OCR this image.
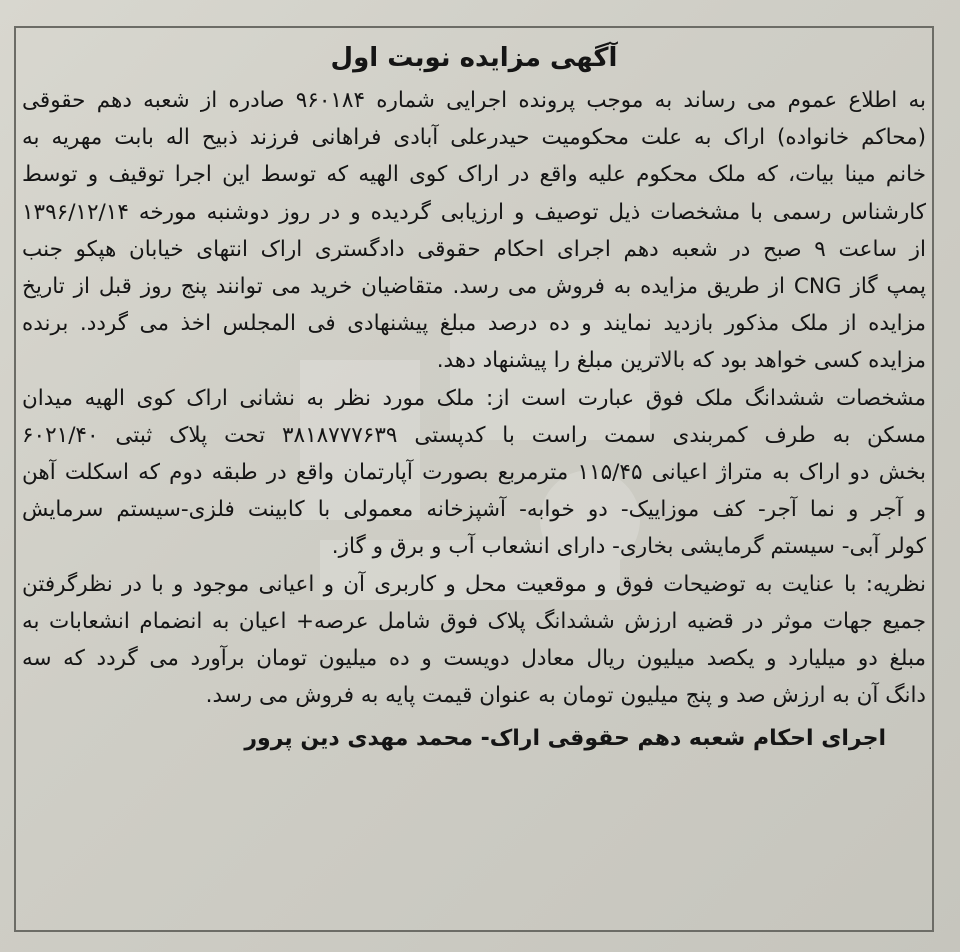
آگهی مزایده نوبت اول
به اطلاع عموم می رساند به موجب پرونده اجرایی شماره ۹۶۰۱۸۴ صادره از شعبه دهم حقوقی
(محاکم خانواده) اراک به علت محکومیت حیدرعلی آبادی فراهانی فرزند ذبیح اله بابت مهریه به
خانم مینا بیات، که ملک محکوم علیه واقع در اراک کوی الهیه که توسط این اجرا توقیف و توسط
کارشناس رسمی با مشخصات ذیل توصیف و ارزیابی گردیده و در روز دوشنبه مورخه ۱۳۹۶/۱۲/۱۴
از ساعت ۹ صبح در شعبه دهم اجرای احکام حقوقی دادگستری اراک انتهای خیابان هپکو جنب
پمپ گاز CNG از طریق مزایده به فروش می رسد. متقاضیان خرید می توانند پنج روز قبل از تاریخ
مزایده از ملک مذکور بازدید نمایند و ده درصد مبلغ پیشنهادی فی المجلس اخذ می گردد. برنده
مزایده کسی خواهد بود که بالاترین مبلغ را پیشنهاد دهد.
مشخصات ششدانگ ملک فوق عبارت است از: ملک مورد نظر به نشانی اراک کوی الهیه میدان
مسکن به طرف کمربندی سمت راست با کدپستی ۳۸۱۸۷۷۷۶۳۹ تحت پلاک ثبتی ۶۰۲۱/۴۰
بخش دو اراک به متراژ اعیانی ۱۱۵/۴۵ مترمربع بصورت آپارتمان واقع در طبقه دوم که اسکلت آهن
و آجر و نما آجر- کف موزاییک- دو خوابه- آشپزخانه معمولی با کابینت فلزی-سیستم سرمایش
کولر آبی- سیستم گرمایشی بخاری- دارای انشعاب آب و برق و گاز.
نظریه: با عنایت به توضیحات فوق و موقعیت محل و کاربری آن و اعیانی موجود و با در نظرگرفتن
جمیع جهات موثر در قضیه ارزش ششدانگ پلاک فوق شامل عرصه+ اعیان به انضمام انشعابات به
مبلغ دو میلیارد و یکصد میلیون ریال معادل دویست و ده میلیون تومان برآورد می گردد که سه
دانگ آن به ارزش صد و پنج میلیون تومان به عنوان قیمت پایه به فروش می رسد.
اجرای احکام شعبه دهم حقوقی اراک- محمد مهدی دین پرور
